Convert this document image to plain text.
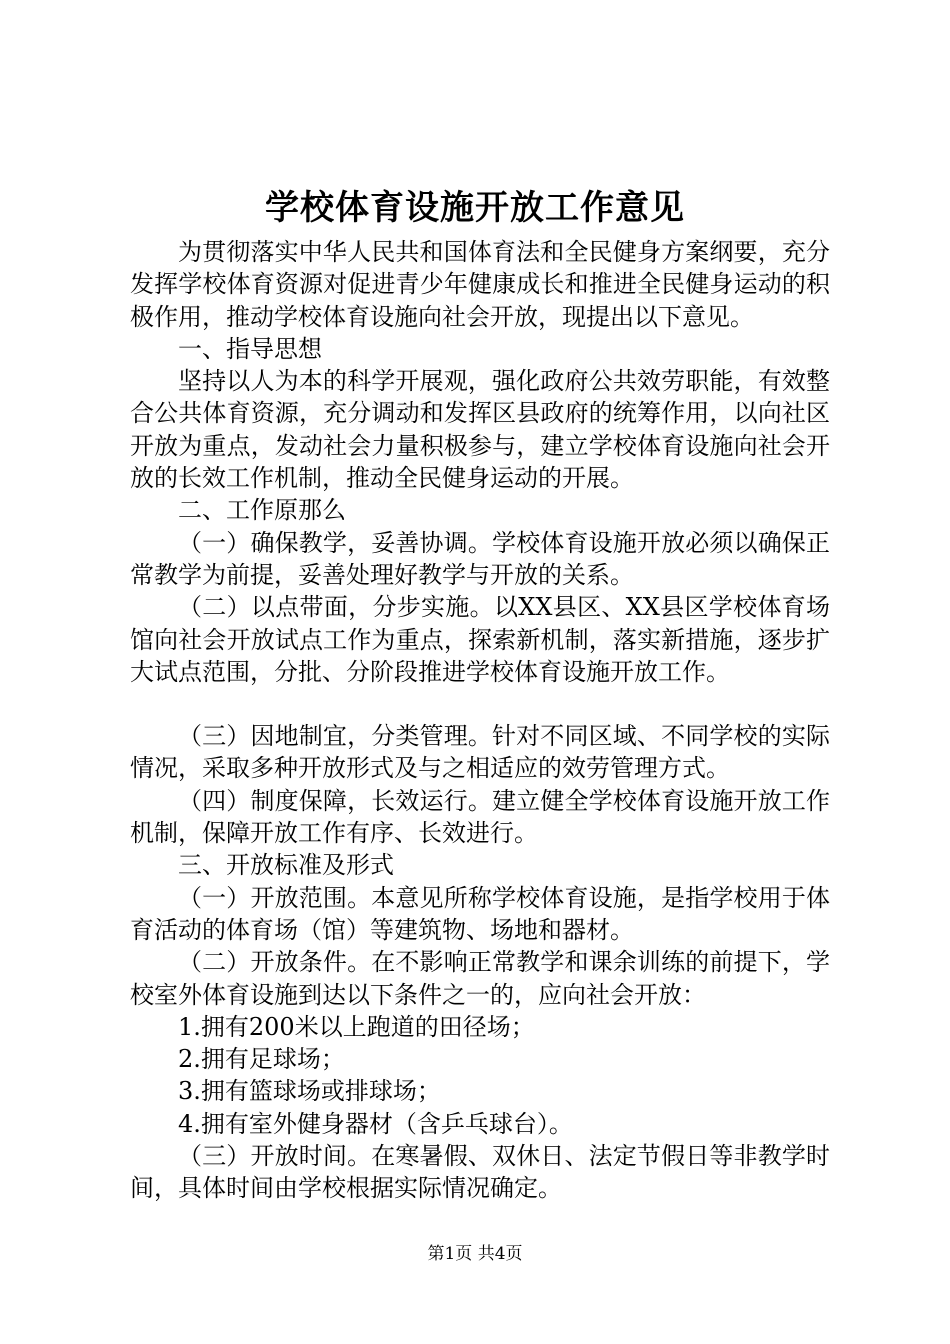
学校体育设施开放工作意见

为贯彻落实中华人民共和国体育法和全民健身方案纲要，充分发挥学校体育资源对促进青少年健康成长和推进全民健身运动的积极作用，推动学校体育设施向社会开放，现提出以下意见。

一、指导思想

坚持以人为本的科学开展观，强化政府公共效劳职能，有效整合公共体育资源，充分调动和发挥区县政府的统筹作用，以向社区开放为重点，发动社会力量积极参与，建立学校体育设施向社会开放的长效工作机制，推动全民健身运动的开展。

二、工作原那么

（一）确保教学，妥善协调。学校体育设施开放必须以确保正常教学为前提，妥善处理好教学与开放的关系。

（二）以点带面，分步实施。以XX县区、XX县区学校体育场馆向社会开放试点工作为重点，探索新机制，落实新措施，逐步扩大试点范围，分批、分阶段推进学校体育设施开放工作。

（三）因地制宜，分类管理。针对不同区域、不同学校的实际情况，采取多种开放形式及与之相适应的效劳管理方式。

（四）制度保障，长效运行。建立健全学校体育设施开放工作机制，保障开放工作有序、长效进行。

三、开放标准及形式

（一）开放范围。本意见所称学校体育设施，是指学校用于体育活动的体育场（馆）等建筑物、场地和器材。

（二）开放条件。在不影响正常教学和课余训练的前提下，学校室外体育设施到达以下条件之一的，应向社会开放：

1.拥有200米以上跑道的田径场；

2.拥有足球场；

3.拥有篮球场或排球场；

4.拥有室外健身器材（含乒乓球台）。

（三）开放时间。在寒暑假、双休日、法定节假日等非教学时间，具体时间由学校根据实际情况确定。

第1页 共4页
